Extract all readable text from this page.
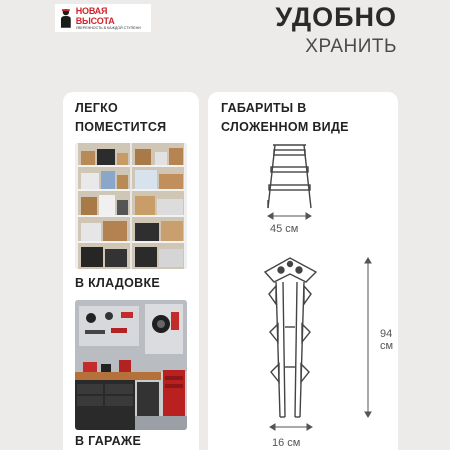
НОВАЯ ВЫСОТА
УВЕРЕННОСТЬ В КАЖДОЙ СТУПЕНИ	УДОБНО
ХРАНИТЬ
ЛЕГКО ПОМЕСТИТСЯ
В КЛАДОВКЕ
В ГАРАЖЕ
ГАБАРИТЫ В СЛОЖЕННОМ ВИДЕ
45 см
94 см
16 см
